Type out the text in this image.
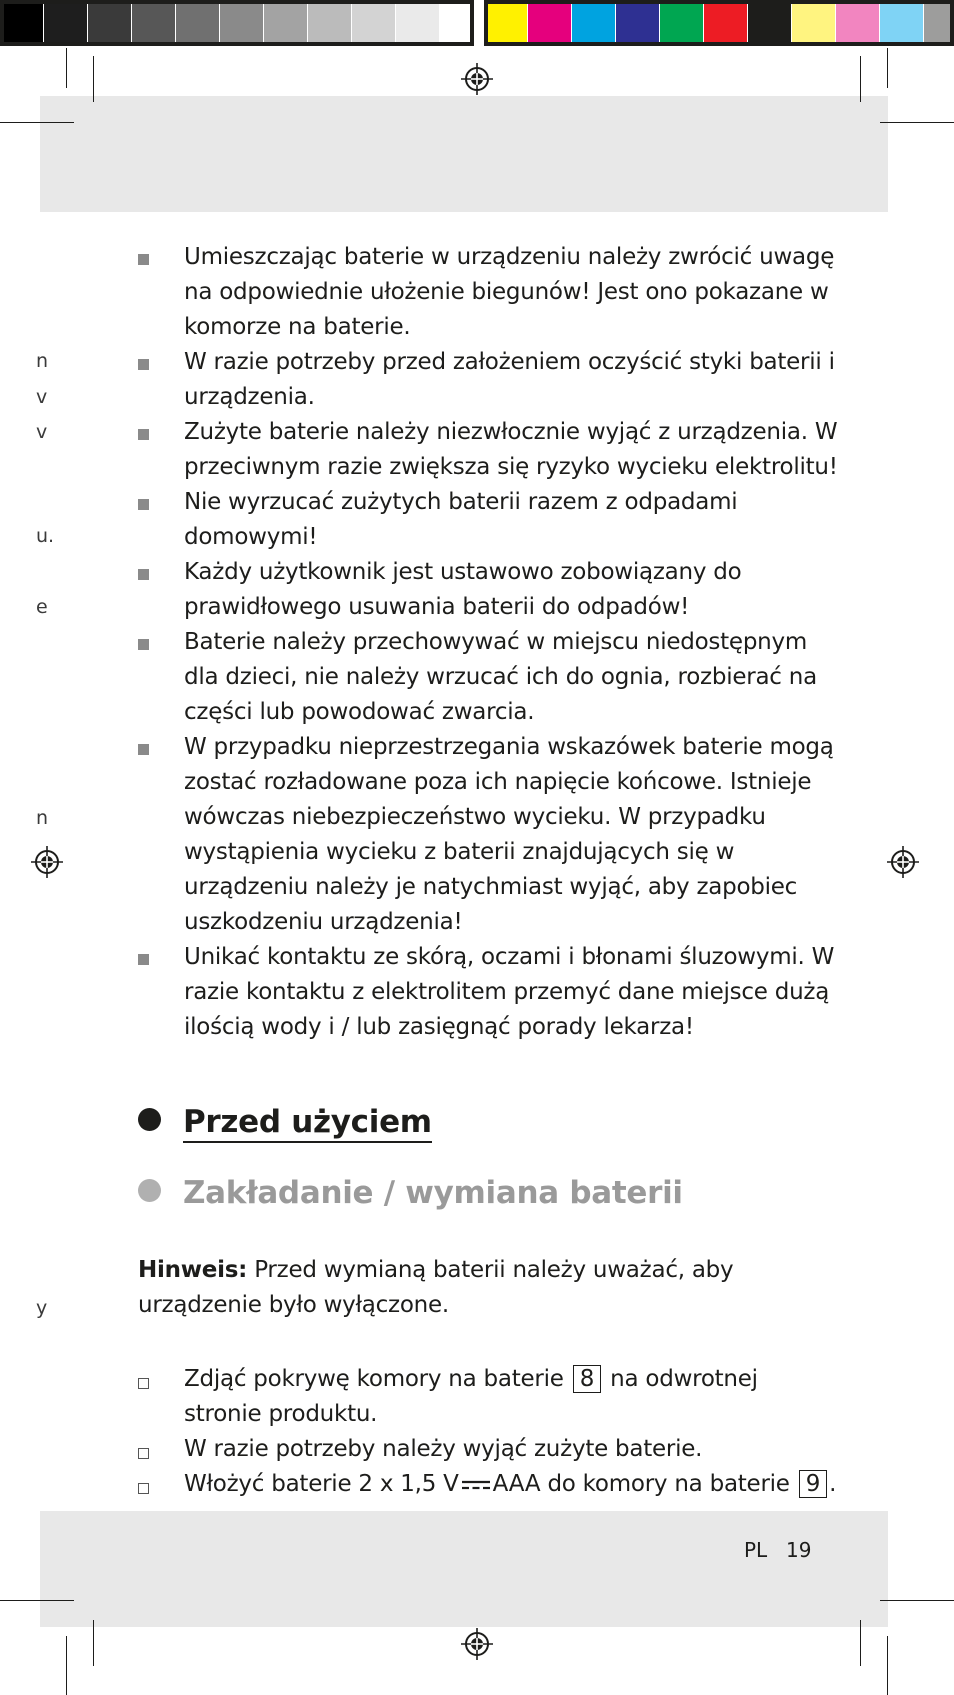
n
v
v
u.
e
n
y
Umieszczając baterie w urządzeniu należy zwrócić uwagę na odpowiednie ułożenie biegunów! Jest ono pokazane w komorze na baterie.
W razie potrzeby przed założeniem oczyścić styki baterii i urządzenia.
Zużyte baterie należy niezwłocznie wyjąć z urządzenia. W przeciwnym razie zwiększa się ryzyko wycieku elektrolitu!
Nie wyrzucać zużytych baterii razem z odpadami domowymi!
Każdy użytkownik jest ustawowo zobowiązany do prawidłowego usuwania baterii do odpadów!
Baterie należy przechowywać w miejscu niedostępnym dla dzieci, nie należy wrzucać ich do ognia, rozbierać na części lub powodować zwarcia.
W przypadku nieprzestrzegania wskazówek baterie mogą zostać rozładowane poza ich napięcie końcowe. Istnieje wówczas niebezpieczeństwo wycieku. W przypadku wystąpienia wycieku z baterii znajdujących się w urządzeniu należy je natychmiast wyjąć, aby zapobiec uszkodzeniu urządzenia!
Unikać kontaktu ze skórą, oczami i błonami śluzowymi. W razie kontaktu z elektrolitem przemyć dane miejsce dużą ilością wody i / lub zasięgnąć porady lekarza!
Przed użyciem
Zakładanie / wymiana baterii
Hinweis: Przed wymianą baterii należy uważać, aby urządzenie było wyłączone.
Zdjąć pokrywę komory na baterie 8 na odwrotnej stronie produktu.
W razie potrzeby należy wyjąć zużyte baterie.
Włożyć baterie 2 x 1,5 V AAA do komory na baterie 9 .
PL 19
